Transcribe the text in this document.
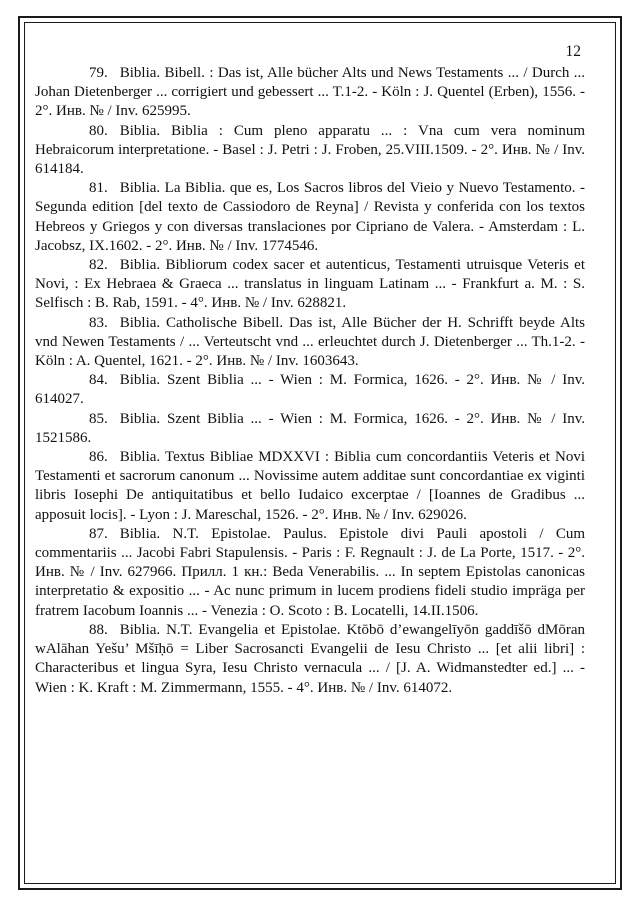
12

79. Biblia. Bibell. : Das ist, Alle bücher Alts und News Testaments ... / Durch ... Johan Dietenberger ... corrigiert und gebessert ... T.1-2. - Köln : J. Quentel (Erben), 1556. - 2°. Инв. № / Inv. 625995.

80. Biblia. Biblia : Cum pleno apparatu ... : Vna cum vera nominum Hebraicorum interpretatione. - Basel : J. Petri : J. Froben, 25.VIII.1509. - 2°. Инв. № / Inv. 614184.

81. Biblia. La Biblia. que es, Los Sacros libros del Vieio y Nuevo Testamento. - Segunda edition [del texto de Cassiodoro de Reyna] / Revista y conferida con los textos Hebreos y Griegos y con diversas translaciones por Cipriano de Valera. - Amsterdam : L. Jacobsz, IX.1602. - 2°. Инв. № / Inv. 1774546.

82. Biblia. Bibliorum codex sacer et autenticus, Testamenti utruisque Veteris et Novi, : Ex Hebraea & Graeca ... translatus in linguam Latinam ... - Frankfurt a. M. : S. Selfisch : B. Rab, 1591. - 4°. Инв. № / Inv. 628821.

83. Biblia. Catholische Bibell. Das ist, Alle Bücher der H. Schrifft beyde Alts vnd Newen Testaments / ... Verteutscht vnd ... erleuchtet durch J. Dietenberger ... Th.1-2. - Köln : A. Quentel, 1621. - 2°. Инв. № / Inv. 1603643.

84. Biblia. Szent Biblia ... - Wien : M. Formica, 1626. - 2°. Инв. № / Inv. 614027.

85. Biblia. Szent Biblia ... - Wien : M. Formica, 1626. - 2°. Инв. № / Inv. 1521586.

86. Biblia. Textus Bibliae MDXXVI : Biblia cum concordantiis Veteris et Novi Testamenti et sacrorum canonum ... Novissime autem additae sunt concordantiae ex viginti libris Iosephi De antiquitatibus et bello Iudaico excerptae / [Ioannes de Gradibus ... apposuit locis]. - Lyon : J. Mareschal, 1526. - 2°. Инв. № / Inv. 629026.

87. Biblia. N.T. Epistolae. Paulus. Epistole divi Pauli apostoli / Cum commentariis ... Jacobi Fabri Stapulensis. - Paris : F. Regnault : J. de La Porte, 1517. - 2°. Инв. № / Inv. 627966. Прилл. 1 кн.: Beda Venerabilis. ... In septem Epistolas canonicas interpretatio & expositio ... - Ac nunc primum in lucem prodiens fideli studio impräga per fratrem Iacobum Ioannis ... - Venezia : O. Scoto : B. Locatelli, 14.II.1506.

88. Biblia. N.T. Evangelia et Epistolae. Ktōbō d’ewangelīyōn gaddīšō dMōran wAlāhan Yešu’ Mšīḥō = Liber Sacrosancti Evangelii de Iesu Christo ... [et alii libri] : Characteribus et lingua Syra, Iesu Christo vernacula ... / [J. A. Widmanstedter ed.] ... - Wien : K. Kraft : M. Zimmermann, 1555. - 4°. Инв. № / Inv. 614072.
